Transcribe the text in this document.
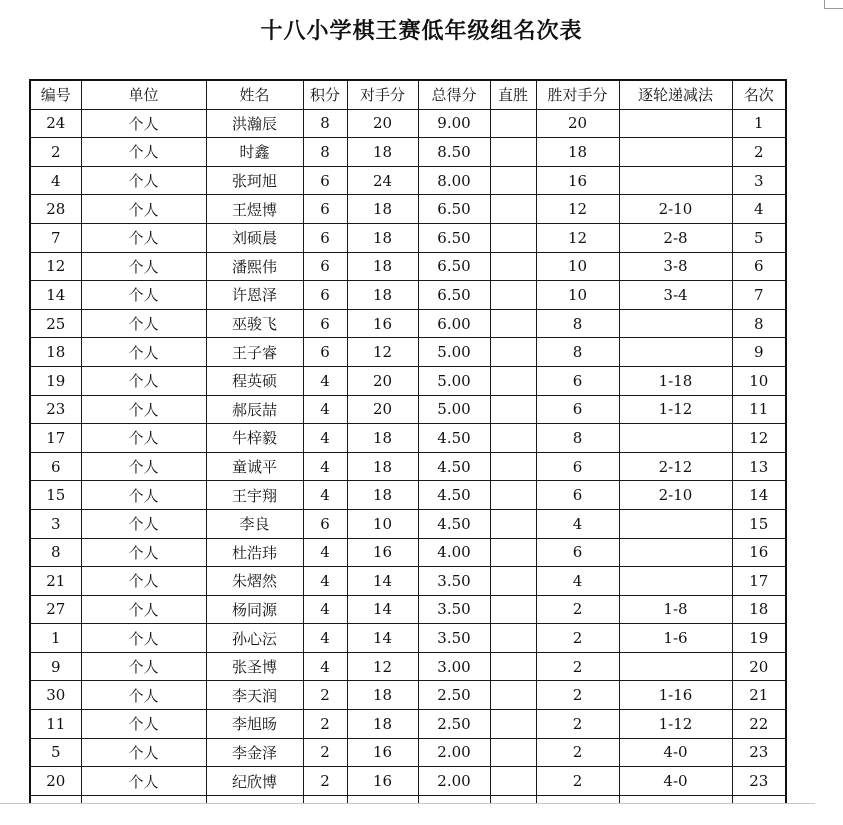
十八小学棋王赛低年级组名次表
编号	单位	姓名	积分	对手分	总得分	直胜	胜对手分	逐轮递减法	名次
24	个人	洪瀚辰	8	20	9.00		20		1
2	个人	时鑫	8	18	8.50		18		2
4	个人	张珂旭	6	24	8.00		16		3
28	个人	王煜博	6	18	6.50		12	2-10	4
7	个人	刘硕晨	6	18	6.50		12	2-8	5
12	个人	潘熙伟	6	18	6.50		10	3-8	6
14	个人	许恩泽	6	18	6.50		10	3-4	7
25	个人	巫骏飞	6	16	6.00		8		8
18	个人	王子睿	6	12	5.00		8		9
19	个人	程英硕	4	20	5.00		6	1-18	10
23	个人	郝辰喆	4	20	5.00		6	1-12	11
17	个人	牛梓毅	4	18	4.50		8		12
6	个人	童诚平	4	18	4.50		6	2-12	13
15	个人	王宇翔	4	18	4.50		6	2-10	14
3	个人	李良	6	10	4.50		4		15
8	个人	杜浩玮	4	16	4.00		6		16
21	个人	朱熠然	4	14	3.50		4		17
27	个人	杨同源	4	14	3.50		2	1-8	18
1	个人	孙心沄	4	14	3.50		2	1-6	19
9	个人	张圣博	4	12	3.00		2		20
30	个人	李天润	2	18	2.50		2	1-16	21
11	个人	李旭旸	2	18	2.50		2	1-12	22
5	个人	李金泽	2	16	2.00		2	4-0	23
20	个人	纪欣博	2	16	2.00		2	4-0	23
